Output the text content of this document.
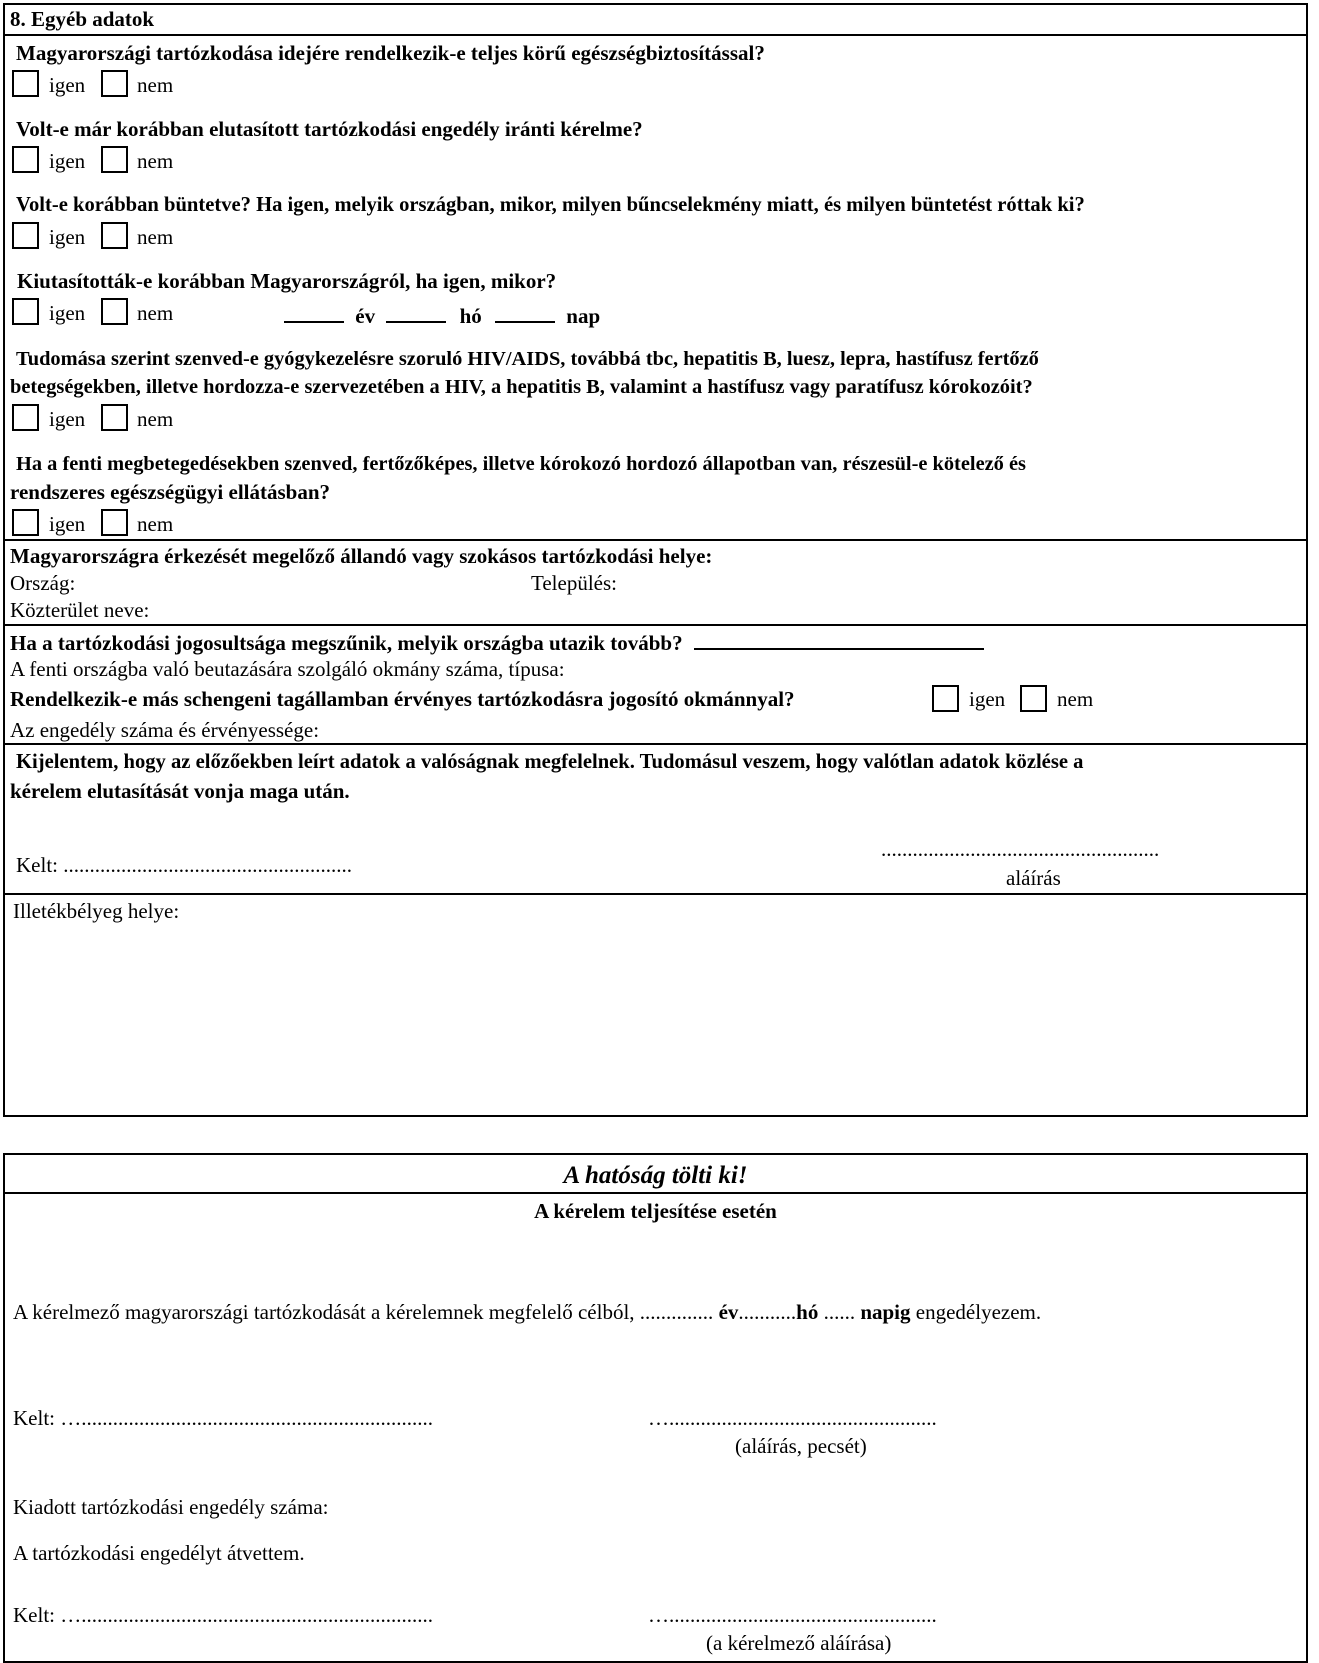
8. Egyéb adatok
Magyarországi tartózkodása idejére rendelkezik-e teljes körű egészségbiztosítással?
igen nem
Volt-e már korábban elutasított tartózkodási engedély iránti kérelme?
igen nem
Volt-e korábban büntetve? Ha igen, melyik országban, mikor, milyen bűncselekmény miatt, és milyen büntetést róttak ki?
igen nem
Kiutasították-e korábban Magyarországról, ha igen, mikor?
igen nem	év	hó	nap
Tudomása szerint szenved-e gyógykezelésre szoruló HIV/AIDS, továbbá tbc, hepatitis B, luesz, lepra, hastífusz fertőző
betegségekben, illetve hordozza-e szervezetében a HIV, a hepatitis B, valamint a hastífusz vagy paratífusz kórokozóit?
igen nem
Ha a fenti megbetegedésekben szenved, fertőzőképes, illetve kórokozó hordozó állapotban van, részesül-e kötelező és
rendszeres egészségügyi ellátásban?
igen nem
Magyarországra érkezését megelőző állandó vagy szokásos tartózkodási helye:
Ország:	Település:
Közterület neve:
Ha a tartózkodási jogosultsága megszűnik, melyik országba utazik tovább?
A fenti országba való beutazására szolgáló okmány száma, típusa:
Rendelkezik-e más schengeni tagállamban érvényes tartózkodásra jogosító okmánnyal?	igen nem
Az engedély száma és érvényessége:
Kijelentem, hogy az előzőekben leírt adatok a valóságnak megfelelnek. Tudomásul veszem, hogy valótlan adatok közlése a
kérelem elutasítását vonja maga után.
Kelt: .......................................................
.....................................................
aláírás
Illetékbélyeg helye:
A hatóság tölti ki!
A kérelem teljesítése esetén
A kérelmező magyarországi tartózkodását a kérelemnek megfelelő célból, .............. év...........hó ...... napig engedélyezem.
Kelt: …...................................................................	…...................................................
(aláírás, pecsét)
Kiadott tartózkodási engedély száma:
A tartózkodási engedélyt átvettem.
Kelt: …...................................................................	…...................................................
(a kérelmező aláírása)
